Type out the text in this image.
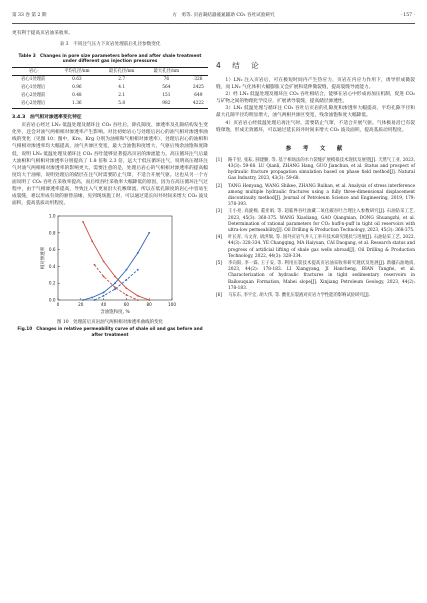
第 33 卷 第 2 期	方　勇等. 页岩凝结器液氮辅助 CO₂ 吞吐试验研究	· 157 ·

更有利于提高页岩油采收率。

表 3　不同注气压力下页岩处理前后孔径参数变化
Table 3　Changes in pore size parameters before and after shale treatment under different gas injection pressures
岩心	平均孔径/nm	最长孔径/nm	最大孔径/nm	
岩心1处理前	0.63	2.7	76	326
岩心1处理后	0.96	4.1	564	2425
岩心2处理前	0.48	2.1	151	649
岩心2处理后	1.36	5.8	982	4222
3.4.3　油气相对渗透率变化特征

页岩岩心经过 LN₂ 低温处理及循环注 CO₂ 吞吐后，除孔隙度、渗透率及孔隙结构发生变化外，还会对油气两相相对渗透率产生影响。对比初始岩心与处理后岩心的油气相对渗透率曲线的变化（见图 10；图中，Kro、Krg 分别为油相和气相相对渗透率），处理后岩心的油相和气相相对渗透率均大幅提高，油气共渗区变宽，最大含油饱和度增大，气驱后残余油饱和度降低，说明 LN₂ 低温处理及循环注 CO₂ 吞吐能够显著提高页岩的渗流能力。高压循环注气后最大油相和气相相对渗透率分别提高了 1.8 倍和 2.3 倍，远大于低压循环注气，说明高压循环注气对油气两相相对渗透率的影响更大。需要注意的是，处理后岩心的气相相对渗透率的提高幅度均大于油相，说明处理后的储层在注气时需要防止气窜，不适合开展气驱。这也从另一个方面说明了 CO₂ 吞吐在采收率提高，而后续吞吐采收率大幅降低的原因，因为在高压循环注气过程中，由于气相渗透率提高，导致注入气更易沿大孔喉窜流，所以在低孔隙度的岩心中容易生成裂缝，难以形成有效的驱替前缘，见到现场施工时，可以通过延长闷井时间来增大 CO₂ 波及面积，提高基质动用程度。

0	20	40	60	80	100
0.0
0.2
0.4
0.6
0.8
1.0
含油饱和度, %
相对渗透率
图 10　处理前后页岩油气两相相对渗透率曲线的变化
Fig.10　Changes in relative permeability curve of shale oil and gas before and after treatment
4　结　论

1）LN₂ 注入页岩后，可在极短时间内产生热应力，页岩在内应力作用下，诱导形成微裂缝，而 LN₂ 气化体积大幅膨胀又会扩展和延伸微裂缝，提高裂缝导流能力。

2）经 LN₂ 低温处理及循环注 CO₂ 吞吐相结合，能够在岩心中形成再加压机制，促进 CO₂ 与矿物之间的物理化学反应，扩展诱导裂缝，提高储层渗透性。

3）LN₂ 低温处理与循环注 CO₂ 吞吐后页岩的孔隙度和渗透率大幅提高，平均孔隙半径和最大孔隙半径均明显增大，油气两相共渗区变宽，残余油饱和度大幅降低。

4）页岩岩心经低温处理后再注气时，需要防止气窜，不适合开展气驱。气体极易沿已有裂缝窜逸，形成无效循环，可以通过延长闷井时间来增大 CO₂ 波及面积，提高基质动用程度。

参　考　文　献
[1]	路千里, 张耘, 圆建勤, 等. 基于相场法的水力裂缝扩展模拟技术现状及展望[J]. 天然气工业, 2023, 43(3): 59-68. LU Qianli, ZHANG Hang, GUO Jianchun, et al. Status and prospect of hydraulic fracture propagation simulation based on phase field method[J]. Natural Gas Industry, 2023, 43(3): 59-68.
[2]	TANG Henyang, WANG Shikee, ZHANG Ruihan, et al. Analysis of stress interference among multiple hydraulic fractures using a fully three-dimensional displacement discontinuity method[J]. Journal of Petroleum Science and Engineering, 2019, 179: 378-393.
[3]	王小亮, 高旋棉, 董亚娟, 等. 超临界吞吐油藏二氧化碳吞吐合理注入参数研究[J]. 石油钻采工艺, 2023, 45(3): 368-375. WANG Xiaoliang, GAO Qiangnian, DONG Shuangzhi, et al. Determination of rational parameters for CO₂ huff-n-puff in tight oil reservoirs with ultra-low permeability[J]. Oil Drilling & Production Technology, 2023, 45(3): 368-375.
[4]	叶长青, 马文青, 胡洪瑞, 等. 国外页岩气井人工举升技术研究现状与进展[J]. 石油钻采工艺, 2022, 44(3): 328-334. YE Changqing, MA Haiyuan, CAI Daogang, et al. Research status and progress of artificial lifting of shale gas wells abroad[J]. Oil Drilling & Production Technology, 2022, 44(3): 328-334.
[5]	李向阳, 李一霖, 王子安, 等. 利用压裂技术提高页岩油采收率研究现状及进展[J]. 新疆石油地质, 2023, 44(2): 178-183. LI Xiangyang, JI Hancheng, BIAN Tangfei, et al. Characterization of hydraulic fractures in tight sedimentary reservoirs in Baikouquan Formation, Mabei slope[J]. Xinjiang Petroleum Geology, 2023, 44(2): 178-183.
[6]	马东东, 李宇宏, 胡大伟, 等. 酸化压裂液对页岩力学性能的影响试验研究[J].
